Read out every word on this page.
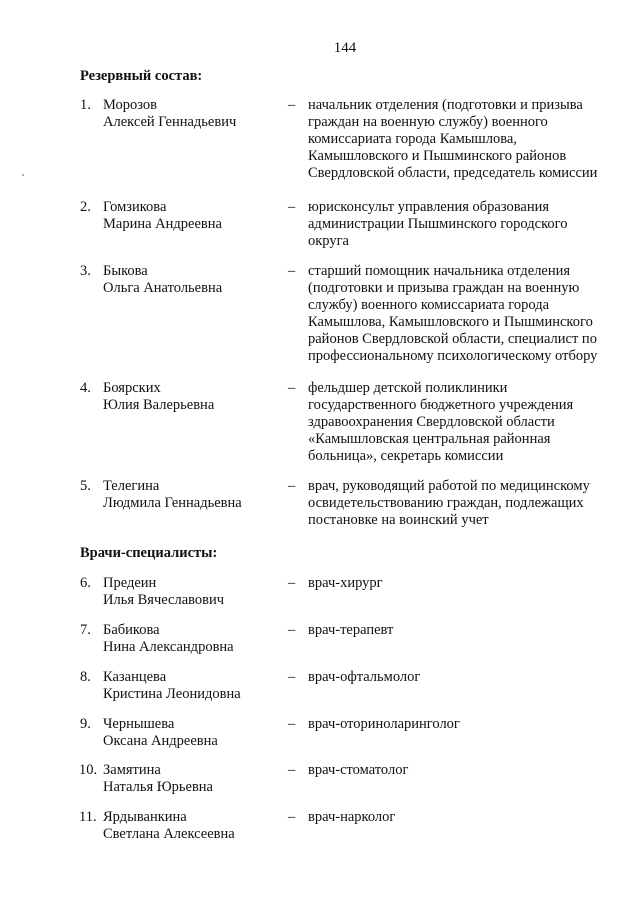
144
Резервный состав:
1. Морозов
Алексей Геннадьевич
– начальник отделения (подготовки и призыва
граждан на военную службу) военного
комиссариата города Камышлова,
Камышловского и Пышминского районов
Свердловской области, председатель комиссии
2. Гомзикова
Марина Андреевна
– юрисконсульт управления образования
администрации Пышминского городского
округа
3. Быкова
Ольга Анатольевна
– старший помощник начальника отделения
(подготовки и призыва граждан на военную
службу) военного комиссариата города
Камышлова, Камышловского и Пышминского
районов Свердловской области, специалист по
профессиональному психологическому отбору
4. Боярских
Юлия Валерьевна
– фельдшер детской поликлиники
государственного бюджетного учреждения
здравоохранения Свердловской области
«Камышловская центральная районная
больница», секретарь комиссии
5. Телегина
Людмила Геннадьевна
– врач, руководящий работой по медицинскому
освидетельствованию граждан, подлежащих
постановке на воинский учет
Врачи-специалисты:
6. Предеин
Илья Вячеславович
– врач-хирург
7. Бабикова
Нина Александровна
– врач-терапевт
8. Казанцева
Кристина Леонидовна
– врач-офтальмолог
9. Чернышева
Оксана Андреевна
– врач-оториноларинголог
10. Замятина
Наталья Юрьевна
– врач-стоматолог
11. Ярдыванкина
Светлана Алексеевна
– врач-нарколог
